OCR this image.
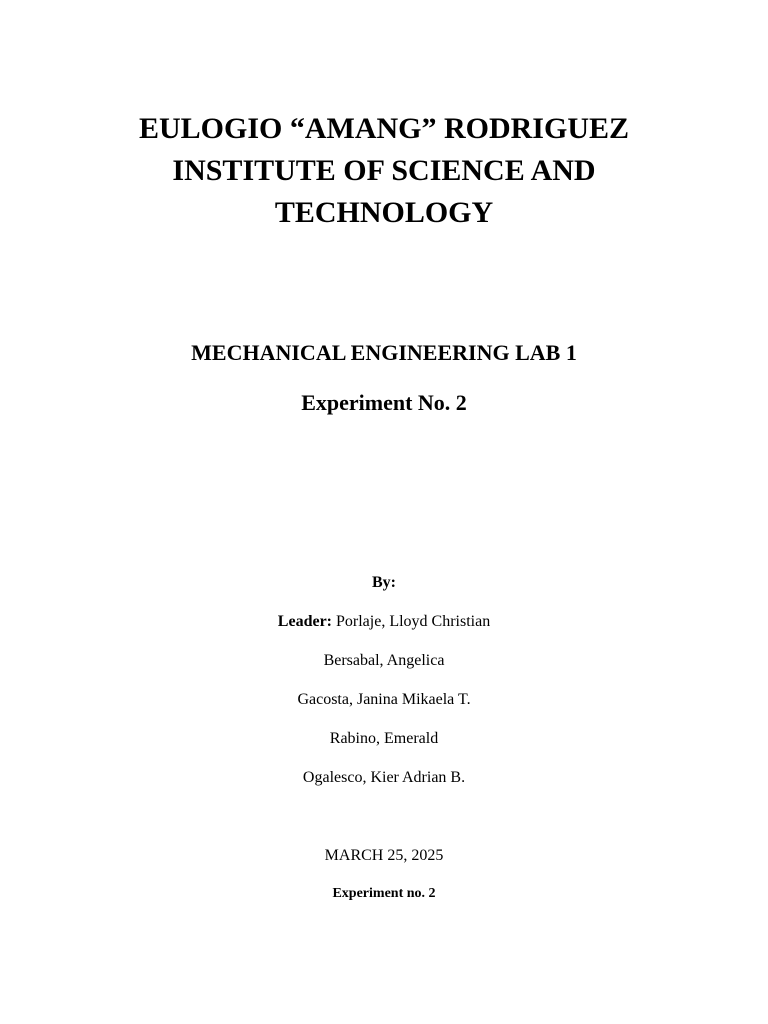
EULOGIO “AMANG” RODRIGUEZ
INSTITUTE OF SCIENCE AND
TECHNOLOGY
MECHANICAL ENGINEERING LAB 1
Experiment No. 2
By:
Leader: Porlaje, Lloyd Christian
Bersabal, Angelica
Gacosta, Janina Mikaela T.
Rabino, Emerald
Ogalesco, Kier Adrian B.
MARCH 25, 2025
Experiment no. 2
